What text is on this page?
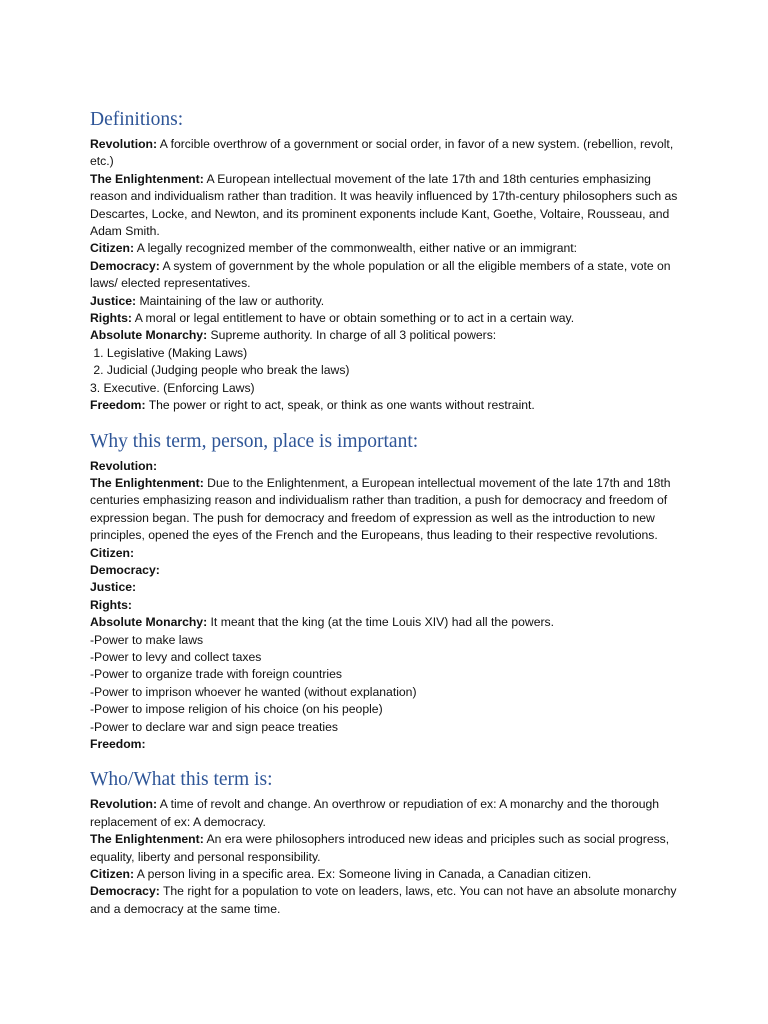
Definitions:

Revolution: A forcible overthrow of a government or social order, in favor of a new system. (rebellion, revolt, etc.)

The Enlightenment: A European intellectual movement of the late 17th and 18th centuries emphasizing reason and individualism rather than tradition. It was heavily influenced by 17th-century philosophers such as Descartes, Locke, and Newton, and its prominent exponents include Kant, Goethe, Voltaire, Rousseau, and Adam Smith.

Citizen: A legally recognized member of the commonwealth, either native or an immigrant:

Democracy: A system of government by the whole population or all the eligible members of a state, vote on laws/ elected representatives.

Justice: Maintaining of the law or authority.

Rights: A moral or legal entitlement to have or obtain something or to act in a certain way.

Absolute Monarchy: Supreme authority. In charge of all 3 political powers:

1. Legislative (Making Laws)

2. Judicial (Judging people who break the laws)

3. Executive. (Enforcing Laws)

Freedom: The power or right to act, speak, or think as one wants without restraint.

Why this term, person, place is important:

Revolution:

The Enlightenment: Due to the Enlightenment, a European intellectual movement of the late 17th and 18th centuries emphasizing reason and individualism rather than tradition, a push for democracy and freedom of expression began. The push for democracy and freedom of expression as well as the introduction to new principles, opened the eyes of the French and the Europeans, thus leading to their respective revolutions.

Citizen:

Democracy:

Justice:

Rights:

Absolute Monarchy: It meant that the king (at the time Louis XIV) had all the powers.

-Power to make laws

-Power to levy and collect taxes

-Power to organize trade with foreign countries

-Power to imprison whoever he wanted (without explanation)

-Power to impose religion of his choice (on his people)

-Power to declare war and sign peace treaties

Freedom:

Who/What this term is:

Revolution: A time of revolt and change. An overthrow or repudiation of ex: A monarchy and the thorough replacement of ex: A democracy.

The Enlightenment: An era were philosophers introduced new ideas and priciples such as social progress, equality, liberty and personal responsibility.

Citizen: A person living in a specific area. Ex: Someone living in Canada, a Canadian citizen.

Democracy: The right for a population to vote on leaders, laws, etc. You can not have an absolute monarchy and a democracy at the same time.
